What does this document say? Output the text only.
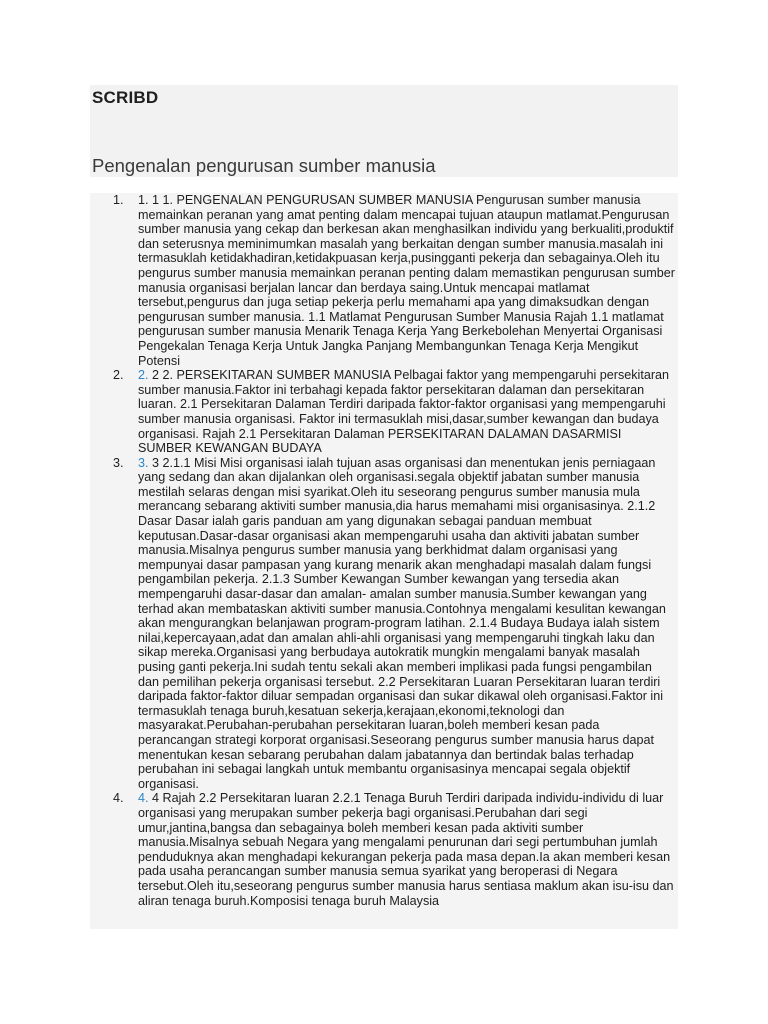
SCRIBD
Pengenalan pengurusan sumber manusia
1. 1. 1 1. PENGENALAN PENGURUSAN SUMBER MANUSIA Pengurusan sumber manusia memainkan peranan yang amat penting dalam mencapai tujuan ataupun matlamat.Pengurusan sumber manusia yang cekap dan berkesan akan menghasilkan individu yang berkualiti,produktif dan seterusnya meminimumkan masalah yang berkaitan dengan sumber manusia.masalah ini termasuklah ketidakhadiran,ketidakpuasan kerja,pusingganti pekerja dan sebagainya.Oleh itu pengurus sumber manusia memainkan peranan penting dalam memastikan pengurusan sumber manusia organisasi berjalan lancar dan berdaya saing.Untuk mencapai matlamat tersebut,pengurus dan juga setiap pekerja perlu memahami apa yang dimaksudkan dengan pengurusan sumber manusia. 1.1 Matlamat Pengurusan Sumber Manusia Rajah 1.1 matlamat pengurusan sumber manusia Menarik Tenaga Kerja Yang Berkebolehan Menyertai Organisasi Pengekalan Tenaga Kerja Untuk Jangka Panjang Membangunkan Tenaga Kerja Mengikut Potensi
2. 2. 2 2. PERSEKITARAN SUMBER MANUSIA Pelbagai faktor yang mempengaruhi persekitaran sumber manusia.Faktor ini terbahagi kepada faktor persekitaran dalaman dan persekitaran luaran. 2.1 Persekitaran Dalaman Terdiri daripada faktor-faktor organisasi yang mempengaruhi sumber manusia organisasi. Faktor ini termasuklah misi,dasar,sumber kewangan dan budaya organisasi. Rajah 2.1 Persekitaran Dalaman PERSEKITARAN DALAMAN DASARMISI SUMBER KEWANGAN BUDAYA
3. 3. 3 2.1.1 Misi Misi organisasi ialah tujuan asas organisasi dan menentukan jenis perniagaan yang sedang dan akan dijalankan oleh organisasi.segala objektif jabatan sumber manusia mestilah selaras dengan misi syarikat.Oleh itu seseorang pengurus sumber manusia mula merancang sebarang aktiviti sumber manusia,dia harus memahami misi organisasinya. 2.1.2 Dasar Dasar ialah garis panduan am yang digunakan sebagai panduan membuat keputusan.Dasar-dasar organisasi akan mempengaruhi usaha dan aktiviti jabatan sumber manusia.Misalnya pengurus sumber manusia yang berkhidmat dalam organisasi yang mempunyai dasar pampasan yang kurang menarik akan menghadapi masalah dalam fungsi pengambilan pekerja. 2.1.3 Sumber Kewangan Sumber kewangan yang tersedia akan mempengaruhi dasar-dasar dan amalan- amalan sumber manusia.Sumber kewangan yang terhad akan membataskan aktiviti sumber manusia.Contohnya mengalami kesulitan kewangan akan mengurangkan belanjawan program-program latihan. 2.1.4 Budaya Budaya ialah sistem nilai,kepercayaan,adat dan amalan ahli-ahli organisasi yang mempengaruhi tingkah laku dan sikap mereka.Organisasi yang berbudaya autokratik mungkin mengalami banyak masalah pusing ganti pekerja.Ini sudah tentu sekali akan memberi implikasi pada fungsi pengambilan dan pemilihan pekerja organisasi tersebut. 2.2 Persekitaran Luaran Persekitaran luaran terdiri daripada faktor-faktor diluar sempadan organisasi dan sukar dikawal oleh organisasi.Faktor ini termasuklah tenaga buruh,kesatuan sekerja,kerajaan,ekonomi,teknologi dan masyarakat.Perubahan-perubahan persekitaran luaran,boleh memberi kesan pada perancangan strategi korporat organisasi.Seseorang pengurus sumber manusia harus dapat menentukan kesan sebarang perubahan dalam jabatannya dan bertindak balas terhadap perubahan ini sebagai langkah untuk membantu organisasinya mencapai segala objektif organisasi.
4. 4. 4 Rajah 2.2 Persekitaran luaran 2.2.1 Tenaga Buruh Terdiri daripada individu-individu di luar organisasi yang merupakan sumber pekerja bagi organisasi.Perubahan dari segi umur,jantina,bangsa dan sebagainya boleh memberi kesan pada aktiviti sumber manusia.Misalnya sebuah Negara yang mengalami penurunan dari segi pertumbuhan jumlah penduduknya akan menghadapi kekurangan pekerja pada masa depan.Ia akan memberi kesan pada usaha perancangan sumber manusia semua syarikat yang beroperasi di Negara tersebut.Oleh itu,seseorang pengurus sumber manusia harus sentiasa maklum akan isu-isu dan aliran tenaga buruh.Komposisi tenaga buruh Malaysia
